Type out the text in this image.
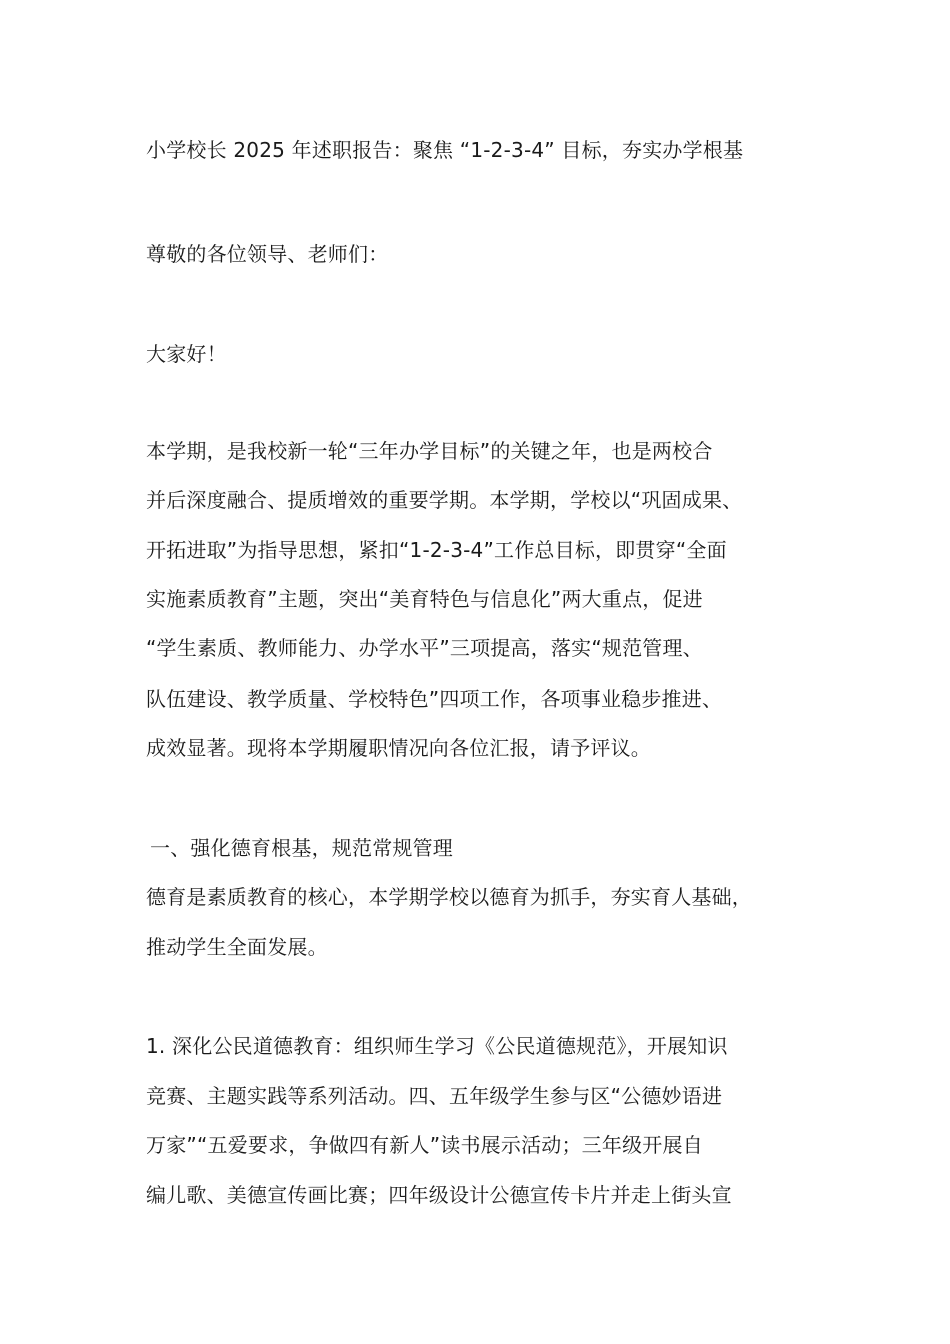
小学校长 2025 年述职报告：聚焦 “1-2-3-4” 目标，夯实办学根基
尊敬的各位领导、老师们：
大家好！
本学期，是我校新一轮“三年办学目标”的关键之年，也是两校合
并后深度融合、提质增效的重要学期。本学期，学校以“巩固成果、
开拓进取”为指导思想，紧扣“1-2-3-4”工作总目标，即贯穿“全面
实施素质教育”主题，突出“美育特色与信息化”两大重点，促进
“学生素质、教师能力、办学水平”三项提高，落实“规范管理、
队伍建设、教学质量、学校特色”四项工作，各项事业稳步推进、
成效显著。现将本学期履职情况向各位汇报，请予评议。
一、强化德育根基，规范常规管理
德育是素质教育的核心，本学期学校以德育为抓手，夯实育人基础，
推动学生全面发展。
1. 深化公民道德教育：组织师生学习《公民道德规范》，开展知识
竞赛、主题实践等系列活动。四、五年级学生参与区“公德妙语进
万家”“五爱要求，争做四有新人”读书展示活动；三年级开展自
编儿歌、美德宣传画比赛；四年级设计公德宣传卡片并走上街头宣
